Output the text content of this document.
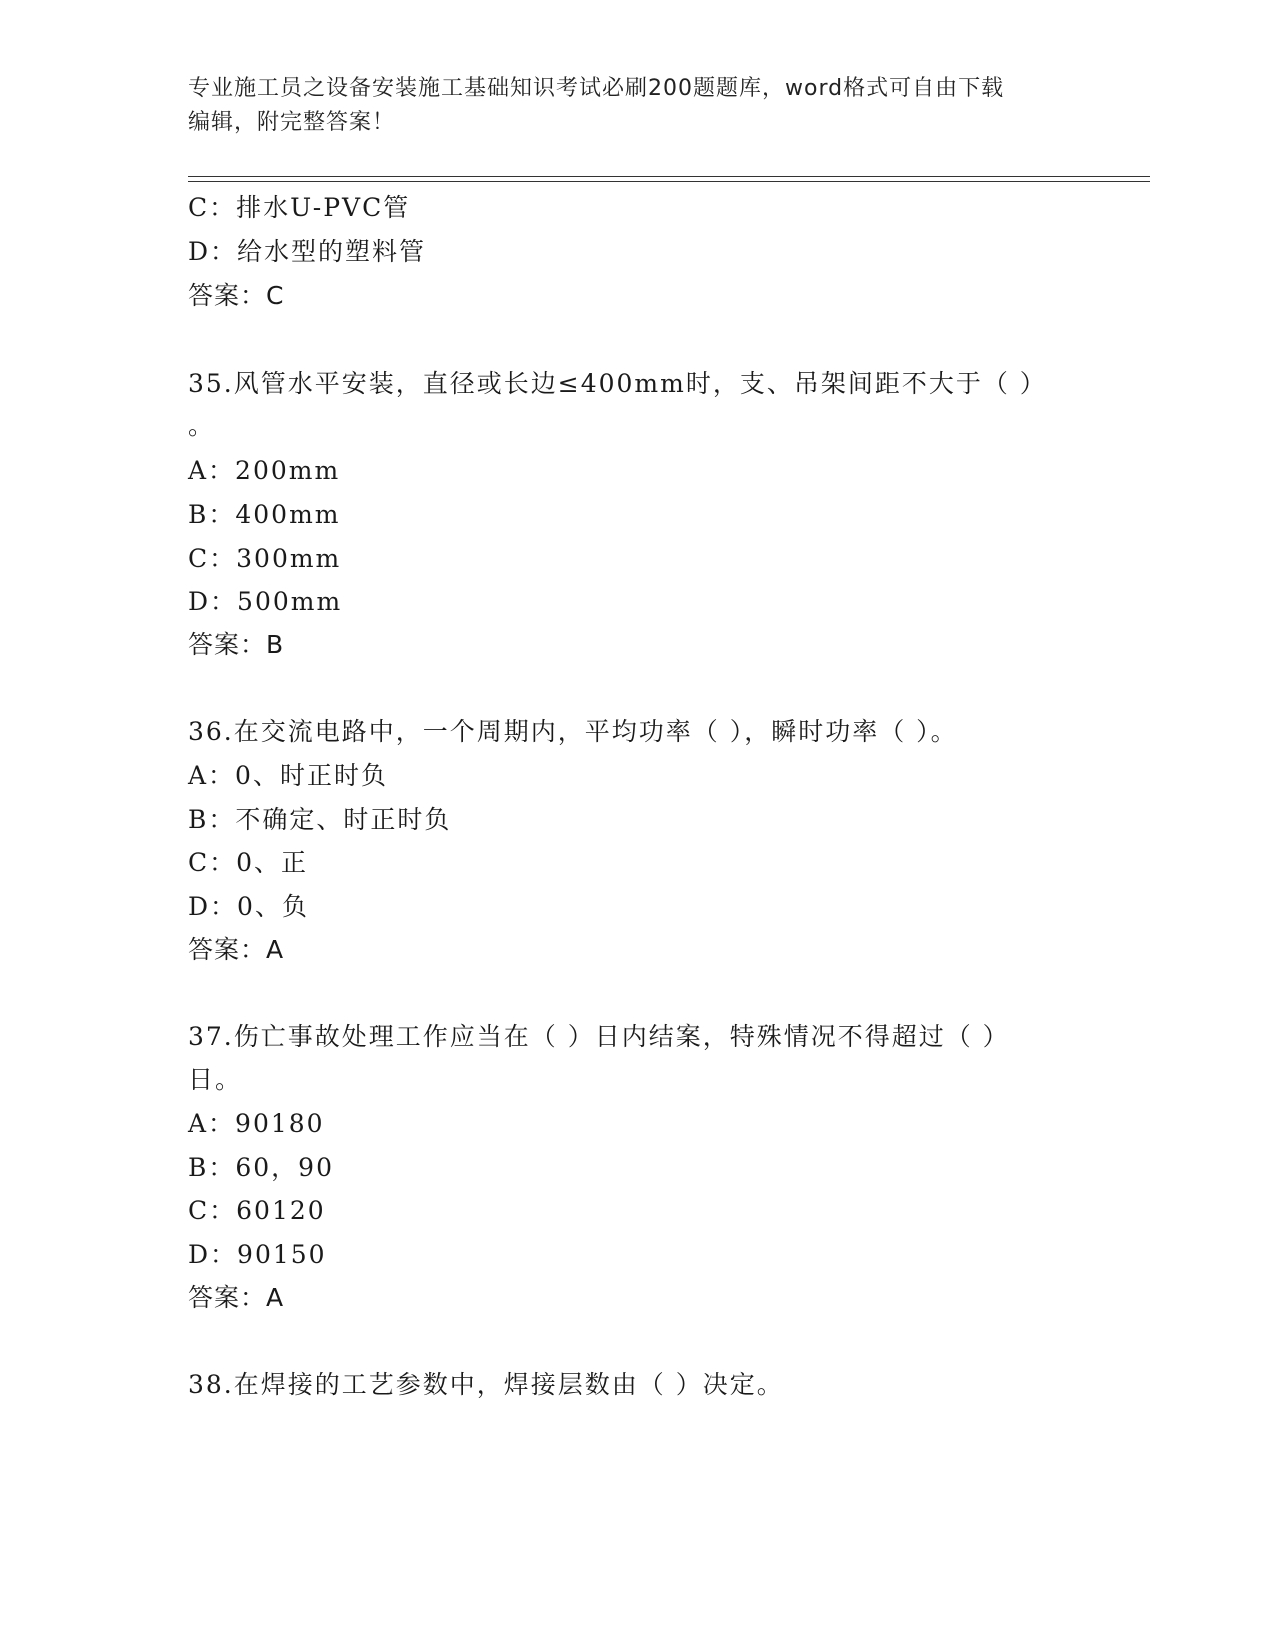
专业施工员之设备安装施工基础知识考试必刷200题题库，word格式可自由下载
编辑，附完整答案！
C：排水U-PVC管
D：给水型的塑料管
答案：C
35.风管水平安装，直径或长边≤400mm时，支、吊架间距不大于（ ）
。
A：200mm
B：400mm
C：300mm
D：500mm
答案：B
36.在交流电路中，一个周期内，平均功率（ ），瞬时功率（ ）。
A：0、时正时负
B：不确定、时正时负
C：0、正
D：0、负
答案：A
37.伤亡事故处理工作应当在（ ）日内结案，特殊情况不得超过（ ）
日。
A：90180
B：60，90
C：60120
D：90150
答案：A
38.在焊接的工艺参数中，焊接层数由（ ）决定。
